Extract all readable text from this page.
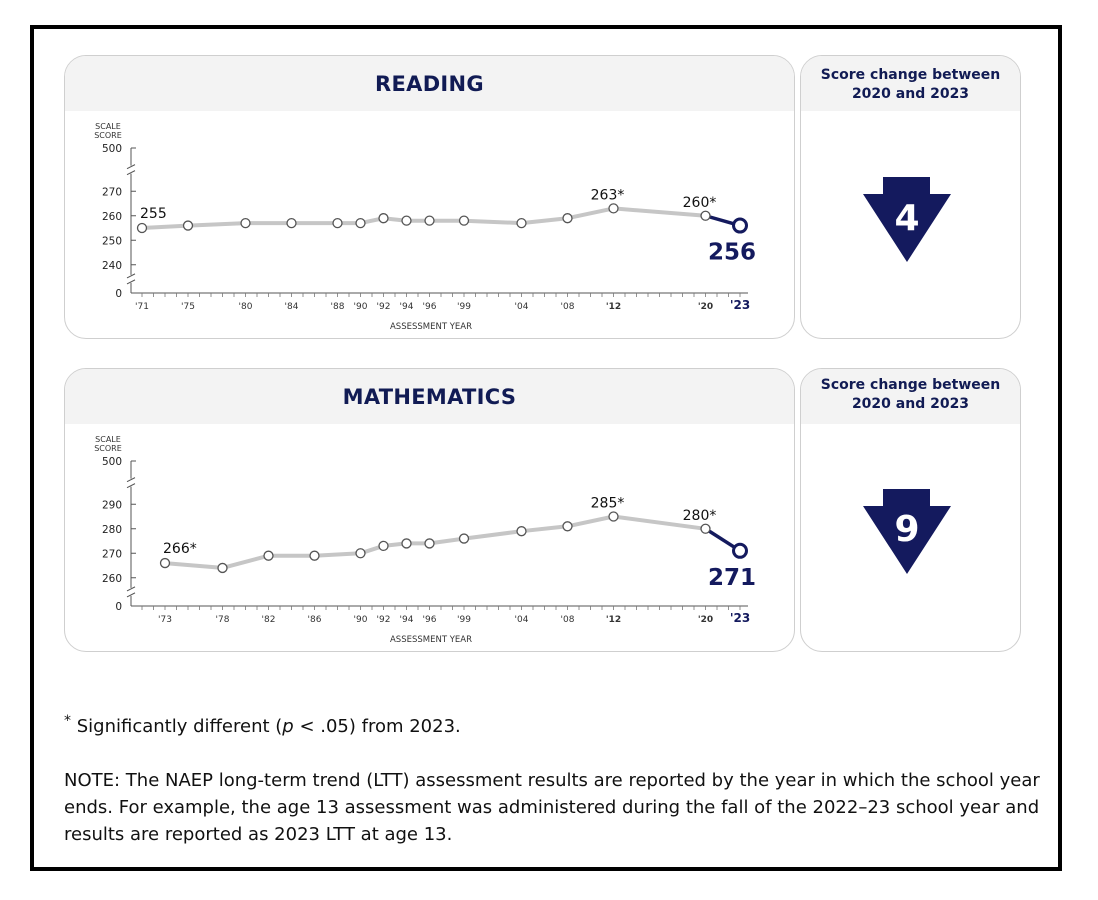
READING
SCALE
SCORE
500
270
260
250
240
0
'71	'75	'80	'84	'88 '90 '92 '94 '96 '99	'04	'08	'12	'20 '23
ASSESSMENT YEAR
255
263*	260*
256
Score change between
2020 and 2023
4
MATHEMATICS
SCALE
SCORE
500
290
280
270
260
0
'73	'78	'82	'86	'90 '92 '94 '96 '99	'04	'08	'12	'20 '23
ASSESSMENT YEAR
266*
285*
280*
271
Score change between
2020 and 2023
9
* Significantly different (p < .05) from 2023.
NOTE: The NAEP long-term trend (LTT) assessment results are reported by the year in which the school year ends. For example, the age 13 assessment was administered during the fall of the 2022–23 school year and results are reported as 2023 LTT at age 13.
